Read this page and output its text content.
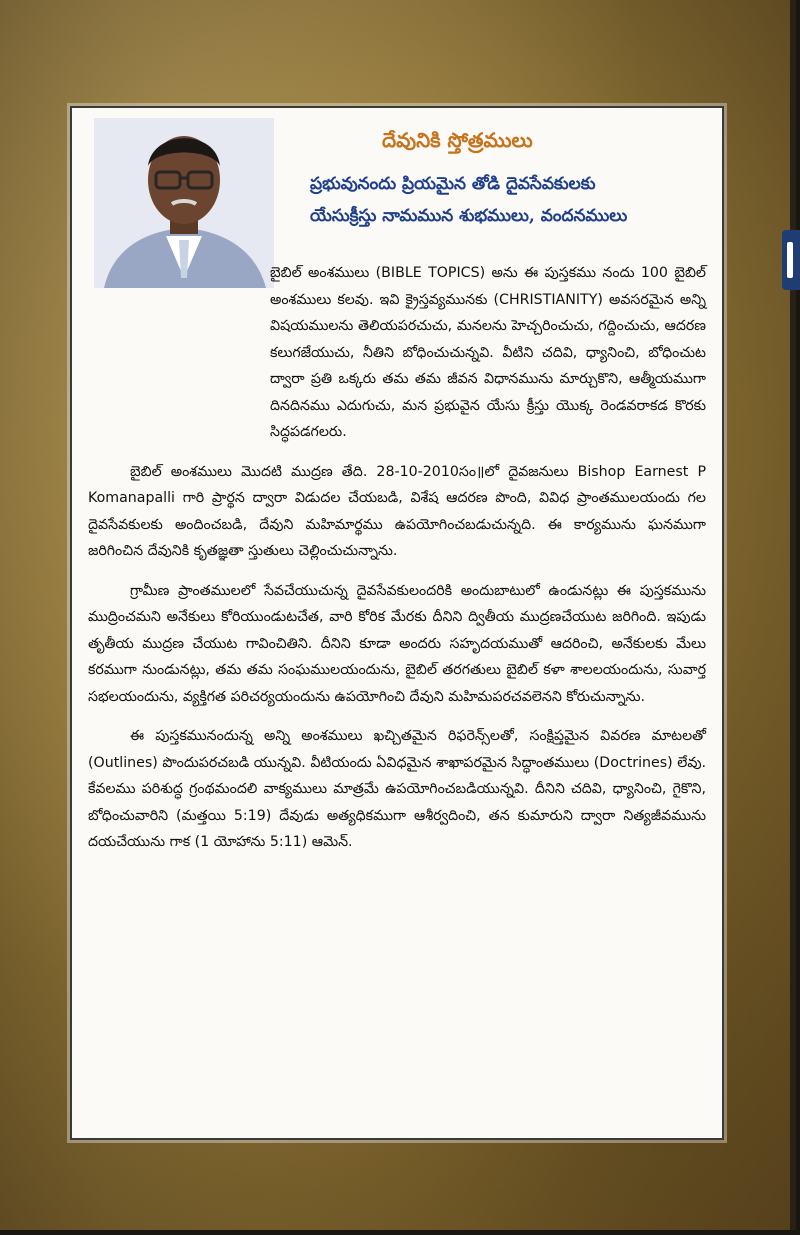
దేవునికి స్తోత్రములు
ప్రభువునందు ప్రియమైన తోడి దైవసేవకులకు
యేసుక్రీస్తు నామమున శుభములు, వందనములు

బైబిల్ అంశములు (BIBLE TOPICS) అను ఈ పుస్తకము నందు 100 బైబిల్ అంశములు కలవు. ఇవి క్రైస్తవ్యమునకు (CHRISTIANITY) అవసరమైన అన్ని విషయములను తెలియపరచుచు, మనలను హెచ్చరించుచు, గద్దించుచు, ఆదరణ కలుగజేయుచు, నీతిని బోధించుచున్నవి. వీటిని చదివి, ధ్యానించి, బోధించుట ద్వారా ప్రతి ఒక్కరు తమ తమ జీవన విధానమును మార్చుకొని, ఆత్మీయముగా దినదినము ఎదుగుచు, మన ప్రభువైన యేసు క్రీస్తు యొక్క రెండవరాకడ కొరకు సిద్ధపడగలరు.

బైబిల్ అంశములు మొదటి ముద్రణ తేది. 28-10-2010సం॥లో దైవజనులు Bishop Earnest P Komanapalli గారి ప్రార్థన ద్వారా విడుదల చేయబడి, విశేష ఆదరణ పొంది, వివిధ ప్రాంతములయందు గల దైవసేవకులకు అందించబడి, దేవుని మహిమార్థము ఉపయోగించబడుచున్నది. ఈ కార్యమును ఘనముగా జరిగించిన దేవునికి కృతజ్ఞతా స్తుతులు చెల్లించుచున్నాను.

గ్రామీణ ప్రాంతములలో సేవచేయుచున్న దైవసేవకులందరికి అందుబాటులో ఉండునట్లు ఈ పుస్తకమును ముద్రించమని అనేకులు కోరియుండుటచేత, వారి కోరిక మేరకు దీనిని ద్వితీయ ముద్రణచేయుట జరిగింది. ఇపుడు తృతీయ ముద్రణ చేయుట గావించితిని. దీనిని కూడా అందరు సహృదయముతో ఆదరించి, అనేకులకు మేలు కరముగా నుండునట్లు, తమ తమ సంఘములయందును, బైబిల్ తరగతులు బైబిల్ కళా శాలలయందును, సువార్త సభలయందును, వ్యక్తిగత పరిచర్యయందును ఉపయోగించి దేవుని మహిమపరచవలెనని కోరుచున్నాను.

ఈ పుస్తకమునందున్న అన్ని అంశములు ఖచ్చితమైన రిఫరెన్స్‌లతో, సంక్షిప్తమైన వివరణ మాటలతో (Outlines) పొందుపరచబడి యున్నవి. వీటియందు ఏవిధమైన శాఖాపరమైన సిద్ధాంతములు (Doctrines) లేవు. కేవలము పరిశుద్ధ గ్రంథమందలి వాక్యములు మాత్రమే ఉపయోగించబడియున్నవి. దీనిని చదివి, ధ్యానించి, గైకొని, బోధించువారిని (మత్తయి 5:19) దేవుడు అత్యధికముగా ఆశీర్వదించి, తన కుమారుని ద్వారా నిత్యజీవమును దయచేయును గాక (1 యోహాను 5:11) ఆమెన్.
